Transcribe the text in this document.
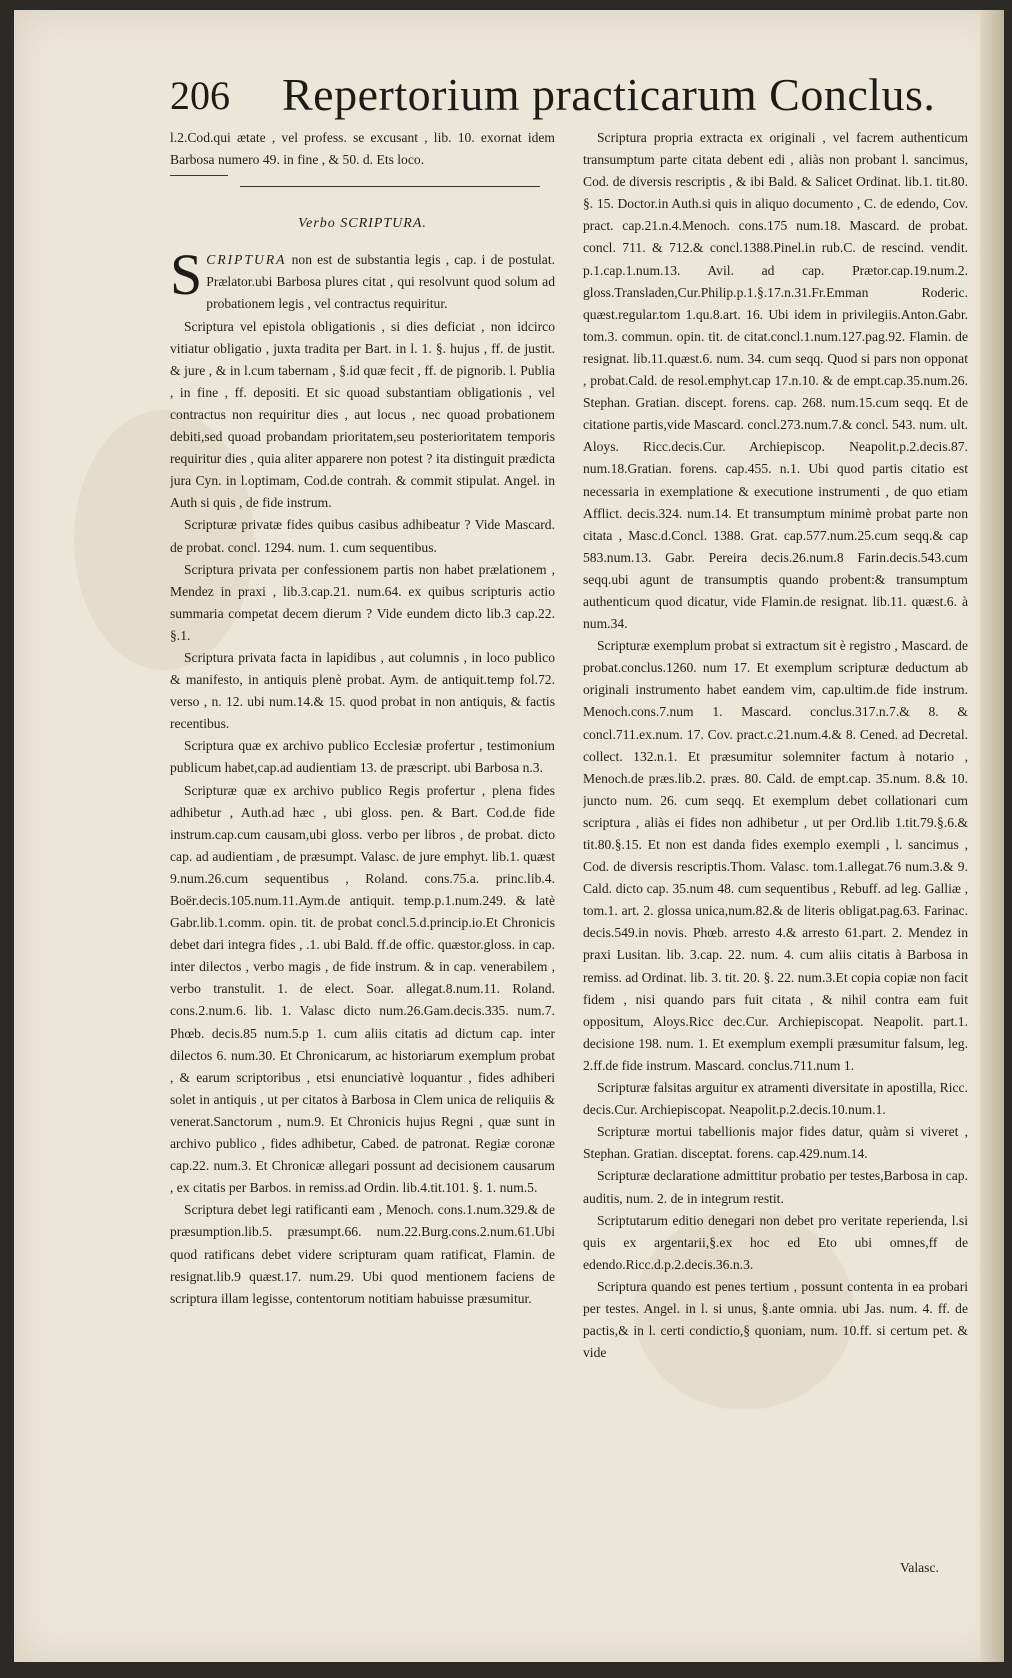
206 Repertorium practicarum Conclus.

l.2.Cod.qui ætate , vel profess. se excusant , lib. 10. exornat idem Barbosa numero 49. in fine , & 50. d. Ets loco.

Verbo SCRIPTURA.

SCRIPTURA non est de substantia legis , cap. i de postulat. Prælator.ubi Barbosa plures citat , qui resolvunt quod solum ad probationem legis , vel contractus requiritur.

Scriptura vel epistola obligationis , si dies deficiat , non idcirco vitiatur obligatio , juxta tradita per Bart. in l. 1. §. hujus , ff. de justit. & jure , & in l.cum tabernam , §.id quæ fecit , ff. de pignorib. l. Publia , in fine , ff. depositi. Et sic quoad substantiam obligationis , vel contractus non requiritur dies , aut locus , nec quoad probationem debiti,sed quoad probandam prioritatem,seu posterioritatem temporis requiritur dies , quia aliter apparere non potest ? ita distinguit prædicta jura Cyn. in l.optimam, Cod.de contrah. & commit stipulat. Angel. in Auth si quis , de fide instrum.

Scripturæ privatæ fides quibus casibus adhibeatur ? Vide Mascard. de probat. concl. 1294. num. 1. cum sequentibus.

Scriptura privata per confessionem partis non habet prælationem , Mendez in praxi , lib.3.cap.21. num.64. ex quibus scripturis actio summaria competat decem dierum ? Vide eundem dicto lib.3 cap.22. §.1.

Scriptura privata facta in lapidibus , aut columnis , in loco publico & manifesto, in antiquis plenè probat. Aym. de antiquit.temp fol.72. verso , n. 12. ubi num.14.& 15. quod probat in non antiquis, & factis recentibus.

Scriptura quæ ex archivo publico Ecclesiæ profertur , testimonium publicum habet,cap.ad audientiam 13. de præscript. ubi Barbosa n.3.

Scripturæ quæ ex archivo publico Regis profertur , plena fides adhibetur , Auth.ad hæc , ubi gloss. pen. & Bart. Cod.de fide instrum.cap.cum causam,ubi gloss. verbo per libros , de probat. dicto cap. ad audientiam , de præsumpt. Valasc. de jure emphyt. lib.1. quæst 9.num.26.cum sequentibus , Roland. cons.75.a. princ.lib.4. Boër.decis.105.num.11.Aym.de antiquit. temp.p.1.num.249. & latè Gabr.lib.1.comm. opin. tit. de probat concl.5.d.princip.io.Et Chronicis debet dari integra fides , .1. ubi Bald. ff.de offic. quæstor.gloss. in cap. inter dilectos , verbo magis , de fide instrum. & in cap. venerabilem , verbo transtulit. 1. de elect. Soar. allegat.8.num.11. Roland. cons.2.num.6. lib. 1. Valasc dicto num.26.Gam.decis.335. num.7. Phœb. decis.85 num.5.p 1. cum aliis citatis ad dictum cap. inter dilectos 6. num.30. Et Chronicarum, ac historiarum exemplum probat , & earum scriptoribus , etsi enunciativè loquantur , fides adhiberi solet in antiquis , ut per citatos à Barbosa in Clem unica de reliquiis & venerat.Sanctorum , num.9. Et Chronicis hujus Regni , quæ sunt in archivo publico , fides adhibetur, Cabed. de patronat. Regiæ coronæ cap.22. num.3. Et Chronicæ allegari possunt ad decisionem causarum , ex citatis per Barbos. in remiss.ad Ordin. lib.4.tit.101. §. 1. num.5.

Scriptura debet legi ratificanti eam , Menoch. cons.1.num.329.& de præsumption.lib.5. præsumpt.66. num.22.Burg.cons.2.num.61.Ubi quod ratificans debet videre scripturam quam ratificat, Flamin. de resignat.lib.9 quæst.17. num.29. Ubi quod mentionem faciens de scriptura illam legisse, contentorum notitiam habuisse præsumitur.

Scriptura propria extracta ex originali , vel facrem authenticum transumptum parte citata debent edi , aliàs non probant l. sancimus, Cod. de diversis rescriptis , & ibi Bald. & Salicet Ordinat. lib.1. tit.80. §. 15. Doctor.in Auth.si quis in aliquo documento , C. de edendo, Cov. pract. cap.21.n.4.Menoch. cons.175 num.18. Mascard. de probat. concl. 711. & 712.& concl.1388.Pinel.in rub.C. de rescind. vendit. p.1.cap.1.num.13. Avil. ad cap. Prætor.cap.19.num.2. gloss.Transladen,Cur.Philip.p.1.§.17.n.31.Fr.Emman Roderic. quæst.regular.tom 1.qu.8.art. 16. Ubi idem in privilegiis.Anton.Gabr. tom.3. commun. opin. tit. de citat.concl.1.num.127.pag.92. Flamin. de resignat. lib.11.quæst.6. num. 34. cum seqq. Quod si pars non opponat , probat.Cald. de resol.emphyt.cap 17.n.10. & de empt.cap.35.num.26. Stephan. Gratian. discept. forens. cap. 268. num.15.cum seqq. Et de citatione partis,vide Mascard. concl.273.num.7.& concl. 543. num. ult. Aloys. Ricc.decis.Cur. Archiepiscop. Neapolit.p.2.decis.87. num.18.Gratian. forens. cap.455. n.1. Ubi quod partis citatio est necessaria in exemplatione & executione instrumenti , de quo etiam Afflict. decis.324. num.14. Et transumptum minimè probat parte non citata , Masc.d.Concl. 1388. Grat. cap.577.num.25.cum seqq.& cap 583.num.13. Gabr. Pereira decis.26.num.8 Farin.decis.543.cum seqq.ubi agunt de transumptis quando probent:& transumptum authenticum quod dicatur, vide Flamin.de resignat. lib.11. quæst.6. à num.34.

Scripturæ exemplum probat si extractum sit è registro , Mascard. de probat.conclus.1260. num 17. Et exemplum scripturæ deductum ab originali instrumento habet eandem vim, cap.ultim.de fide instrum. Menoch.cons.7.num 1. Mascard. conclus.317.n.7.& 8. & concl.711.ex.num. 17. Cov. pract.c.21.num.4.& 8. Cened. ad Decretal. collect. 132.n.1. Et præsumitur solemniter factum à notario , Menoch.de præs.lib.2. præs. 80. Cald. de empt.cap. 35.num. 8.& 10. juncto num. 26. cum seqq. Et exemplum debet collationari cum scriptura , aliàs ei fides non adhibetur , ut per Ord.lib 1.tit.79.§.6.& tit.80.§.15. Et non est danda fides exemplo exempli , l. sancimus , Cod. de diversis rescriptis.Thom. Valasc. tom.1.allegat.76 num.3.& 9. Cald. dicto cap. 35.num 48. cum sequentibus , Rebuff. ad leg. Galliæ , tom.1. art. 2. glossa unica,num.82.& de literis obligat.pag.63. Farinac. decis.549.in novis. Phœb. arresto 4.& arresto 61.part. 2. Mendez in praxi Lusitan. lib. 3.cap. 22. num. 4. cum aliis citatis à Barbosa in remiss. ad Ordinat. lib. 3. tit. 20. §. 22. num.3.Et copia copiæ non facit fidem , nisi quando pars fuit citata , & nihil contra eam fuit oppositum, Aloys.Ricc dec.Cur. Archiepiscopat. Neapolit. part.1. decisione 198. num. 1. Et exemplum exempli præsumitur falsum, leg. 2.ff.de fide instrum. Mascard. conclus.711.num 1.

Scripturæ falsitas arguitur ex atramenti diversitate in apostilla, Ricc. decis.Cur. Archiepiscopat. Neapolit.p.2.decis.10.num.1.

Scripturæ mortui tabellionis major fides datur, quàm si viveret , Stephan. Gratian. disceptat. forens. cap.429.num.14.

Scripturæ declaratione admittitur probatio per testes,Barbosa in cap. auditis, num. 2. de in integrum restit.

Scriptutarum editio denegari non debet pro veritate reperienda, l.si quis ex argentarii,§.ex hoc ed Eto ubi omnes,ff de edendo.Ricc.d.p.2.decis.36.n.3.

Scriptura quando est penes tertium , possunt contenta in ea probari per testes. Angel. in l. si unus, §.ante omnia. ubi Jas. num. 4. ff. de pactis,& in l. certi condictio,§ quoniam, num. 10.ff. si certum pet. & vide

Valasc.
